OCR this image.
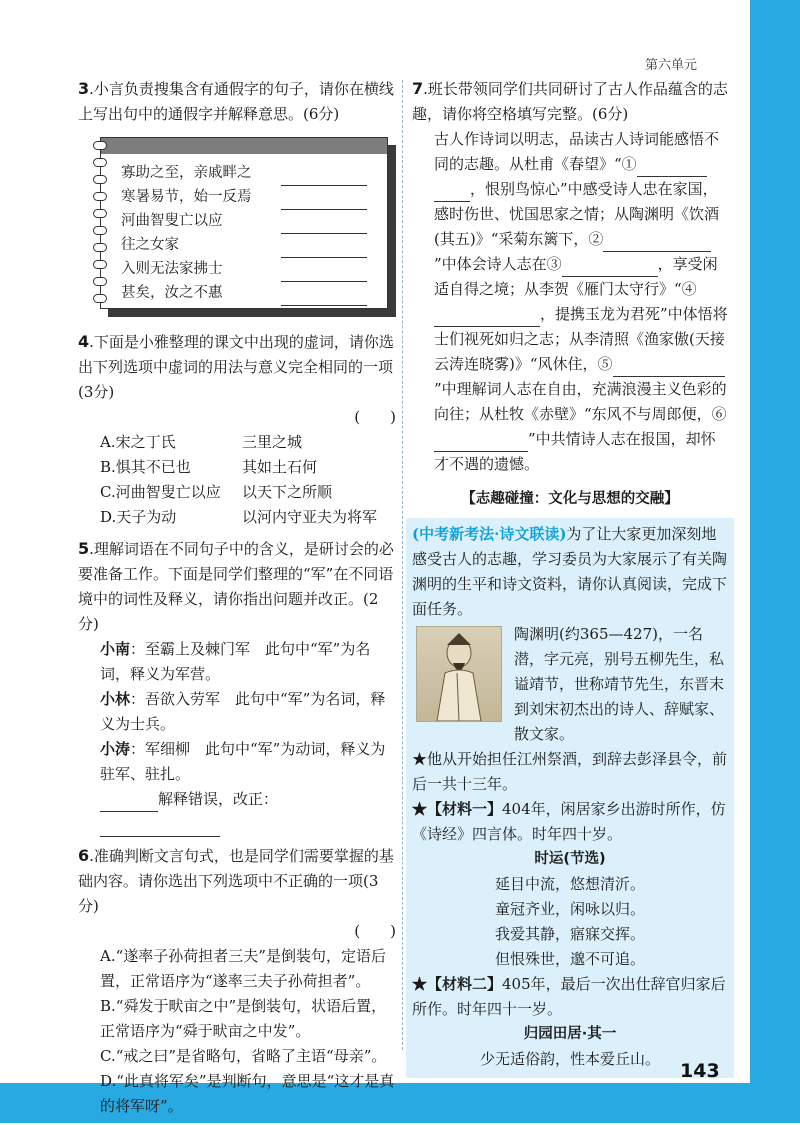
第六单元
3.小言负责搜集含有通假字的句子，请你在横线上写出句中的通假字并解释意思。(6分)
寡助之至，亲戚畔之
寒暑易节，始一反焉
河曲智叟亡以应
往之女家
入则无法家拂士
甚矣，汝之不惠
4.下面是小雅整理的课文中出现的虚词，请你选出下列选项中虚词的用法与意义完全相同的一项(3分)
(　　)
A.宋之丁氏	三里之城
B.惧其不已也	其如土石何
C.河曲智叟亡以应	以天下之所顺
D.天子为动	以河内守亚夫为将军
5.理解词语在不同句子中的含义，是研讨会的必要准备工作。下面是同学们整理的“军”在不同语境中的词性及释义，请你指出问题并改正。(2分)
小南：至霸上及棘门军　此句中“军”为名词，释义为军营。
小林：吾欲入劳军　此句中“军”为名词，释义为士兵。
小涛：军细柳　此句中“军”为动词，释义为驻军、驻扎。
解释错误，改正：
6.准确判断文言句式，也是同学们需要掌握的基础内容。请你选出下列选项中不正确的一项(3分)
(　　)
A.“遂率子孙荷担者三夫”是倒装句，定语后置，正常语序为“遂率三夫子孙荷担者”。
B.“舜发于畎亩之中”是倒装句，状语后置，正常语序为“舜于畎亩之中发”。
C.“戒之曰”是省略句，省略了主语“母亲”。
D.“此真将军矣”是判断句，意思是“这才是真的将军呀”。
7.班长带领同学们共同研讨了古人作品蕴含的志趣，请你将空格填写完整。(6分)
古人作诗词以明志，品读古人诗词能感悟不同的志趣。从杜甫《春望》“①，恨别鸟惊心”中感受诗人忠在家国，感时伤世、忧国思家之情；从陶渊明《饮酒(其五)》“采菊东篱下，②”中体会诗人志在③	，享受闲适自得之境；从李贺《雁门太守行》“④，提携玉龙为君死”中体悟将士们视死如归之志；从李清照《渔家傲(天接云涛连晓雾)》“风休住，⑤”中理解词人志在自由，充满浪漫主义色彩的向往；从杜牧《赤壁》“东风不与周郎便，⑥”中共情诗人志在报国，却怀才不遇的遗憾。
【志趣碰撞：文化与思想的交融】
(中考新考法·诗文联读)为了让大家更加深刻地感受古人的志趣，学习委员为大家展示了有关陶渊明的生平和诗文资料，请你认真阅读，完成下面任务。
陶渊明(约365—427)，一名潜，字元亮，别号五柳先生，私谥靖节，世称靖节先生，东晋末到刘宋初杰出的诗人、辞赋家、散文家。
★他从开始担任江州祭酒，到辞去彭泽县令，前后一共十三年。
★【材料一】404年，闲居家乡出游时所作，仿《诗经》四言体。时年四十岁。
时运(节选)
延目中流，悠想清沂。
童冠齐业，闲咏以归。
我爱其静，寤寐交挥。
但恨殊世，邈不可追。
★【材料二】405年，最后一次出仕辞官归家后所作。时年四十一岁。
归园田居·其一
少无适俗韵，性本爱丘山。
143
